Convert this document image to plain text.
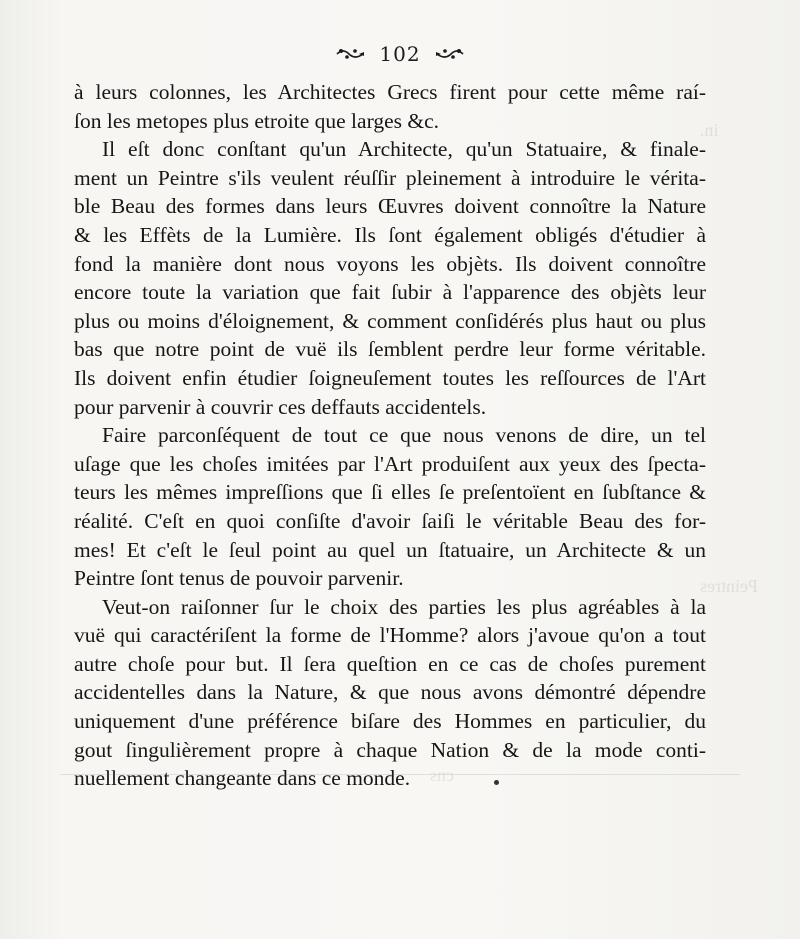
in.
Peintres
cns
102
à leurs colonnes, les Architectes Grecs firent pour cette même raí-
ſon les metopes plus etroite que larges &c.
Il eſt donc conſtant qu'un Architecte, qu'un Statuaire, & finale-
ment un Peintre s'ils veulent réuſſir pleinement à introduire le vérita-
ble Beau des formes dans leurs Œuvres doivent connoître la Nature
& les Effèts de la Lumière. Ils ſont également obligés d'étudier à
fond la manière dont nous voyons les objèts. Ils doivent connoître
encore toute la variation que fait ſubir à l'apparence des objèts leur
plus ou moins d'éloignement, & comment conſidérés plus haut ou plus
bas que notre point de vuë ils ſemblent perdre leur forme véritable.
Ils doivent enfin étudier ſoigneuſement toutes les reſſources de l'Art
pour parvenir à couvrir ces deffauts accidentels.
Faire parconſéquent de tout ce que nous venons de dire, un tel
uſage que les choſes imitées par l'Art produiſent aux yeux des ſpecta-
teurs les mêmes impreſſions que ſi elles ſe preſentoïent en ſubſtance &
réalité. C'eſt en quoi conſiſte d'avoir ſaiſi le véritable Beau des for-
mes! Et c'eſt le ſeul point au quel un ſtatuaire, un Architecte & un
Peintre ſont tenus de pouvoir parvenir.
Veut-on raiſonner ſur le choix des parties les plus agréables à la
vuë qui caractériſent la forme de l'Homme? alors j'avoue qu'on a tout
autre choſe pour but. Il ſera queſtion en ce cas de choſes purement
accidentelles dans la Nature, & que nous avons démontré dépendre
uniquement d'une préférence biſare des Hommes en particulier, du
gout ſingulièrement propre à chaque Nation & de la mode conti-
nuellement changeante dans ce monde.
